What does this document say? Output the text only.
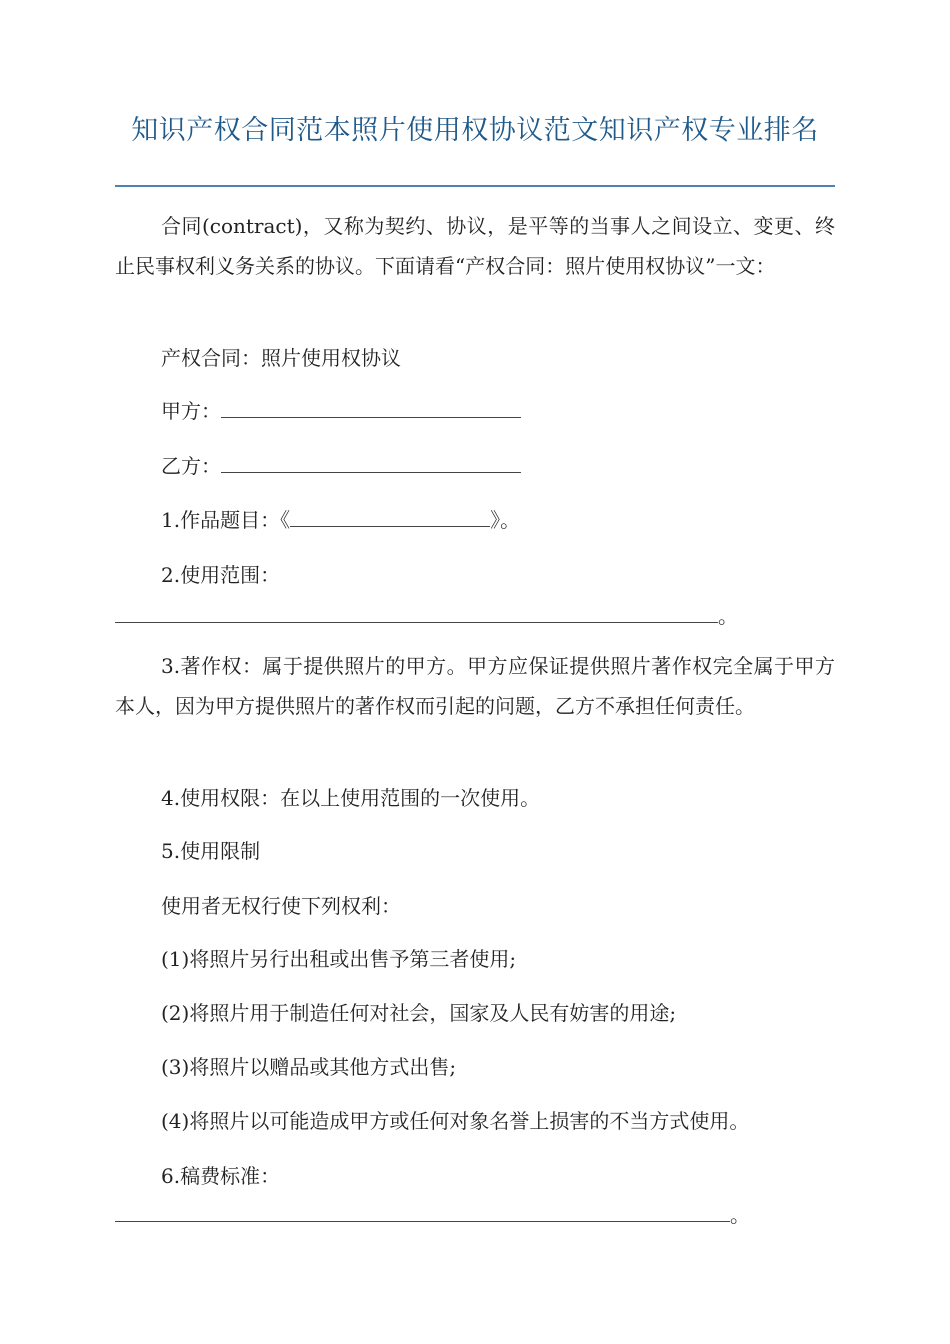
知识产权合同范本照片使用权协议范文知识产权专业排名

合同(contract)，又称为契约、协议，是平等的当事人之间设立、变更、终止民事权利义务关系的协议。下面请看“产权合同：照片使用权协议”一文：

产权合同：照片使用权协议
甲方：
乙方：
1.作品题目：《	》。
2.使用范围：
。

3.著作权：属于提供照片的甲方。甲方应保证提供照片著作权完全属于甲方本人，因为甲方提供照片的著作权而引起的问题，乙方不承担任何责任。

4.使用权限：在以上使用范围的一次使用。
5.使用限制
使用者无权行使下列权利：
(1)将照片另行出租或出售予第三者使用;
(2)将照片用于制造任何对社会，国家及人民有妨害的用途;
(3)将照片以赠品或其他方式出售;
(4)将照片以可能造成甲方或任何对象名誉上损害的不当方式使用。
6.稿费标准：
。
